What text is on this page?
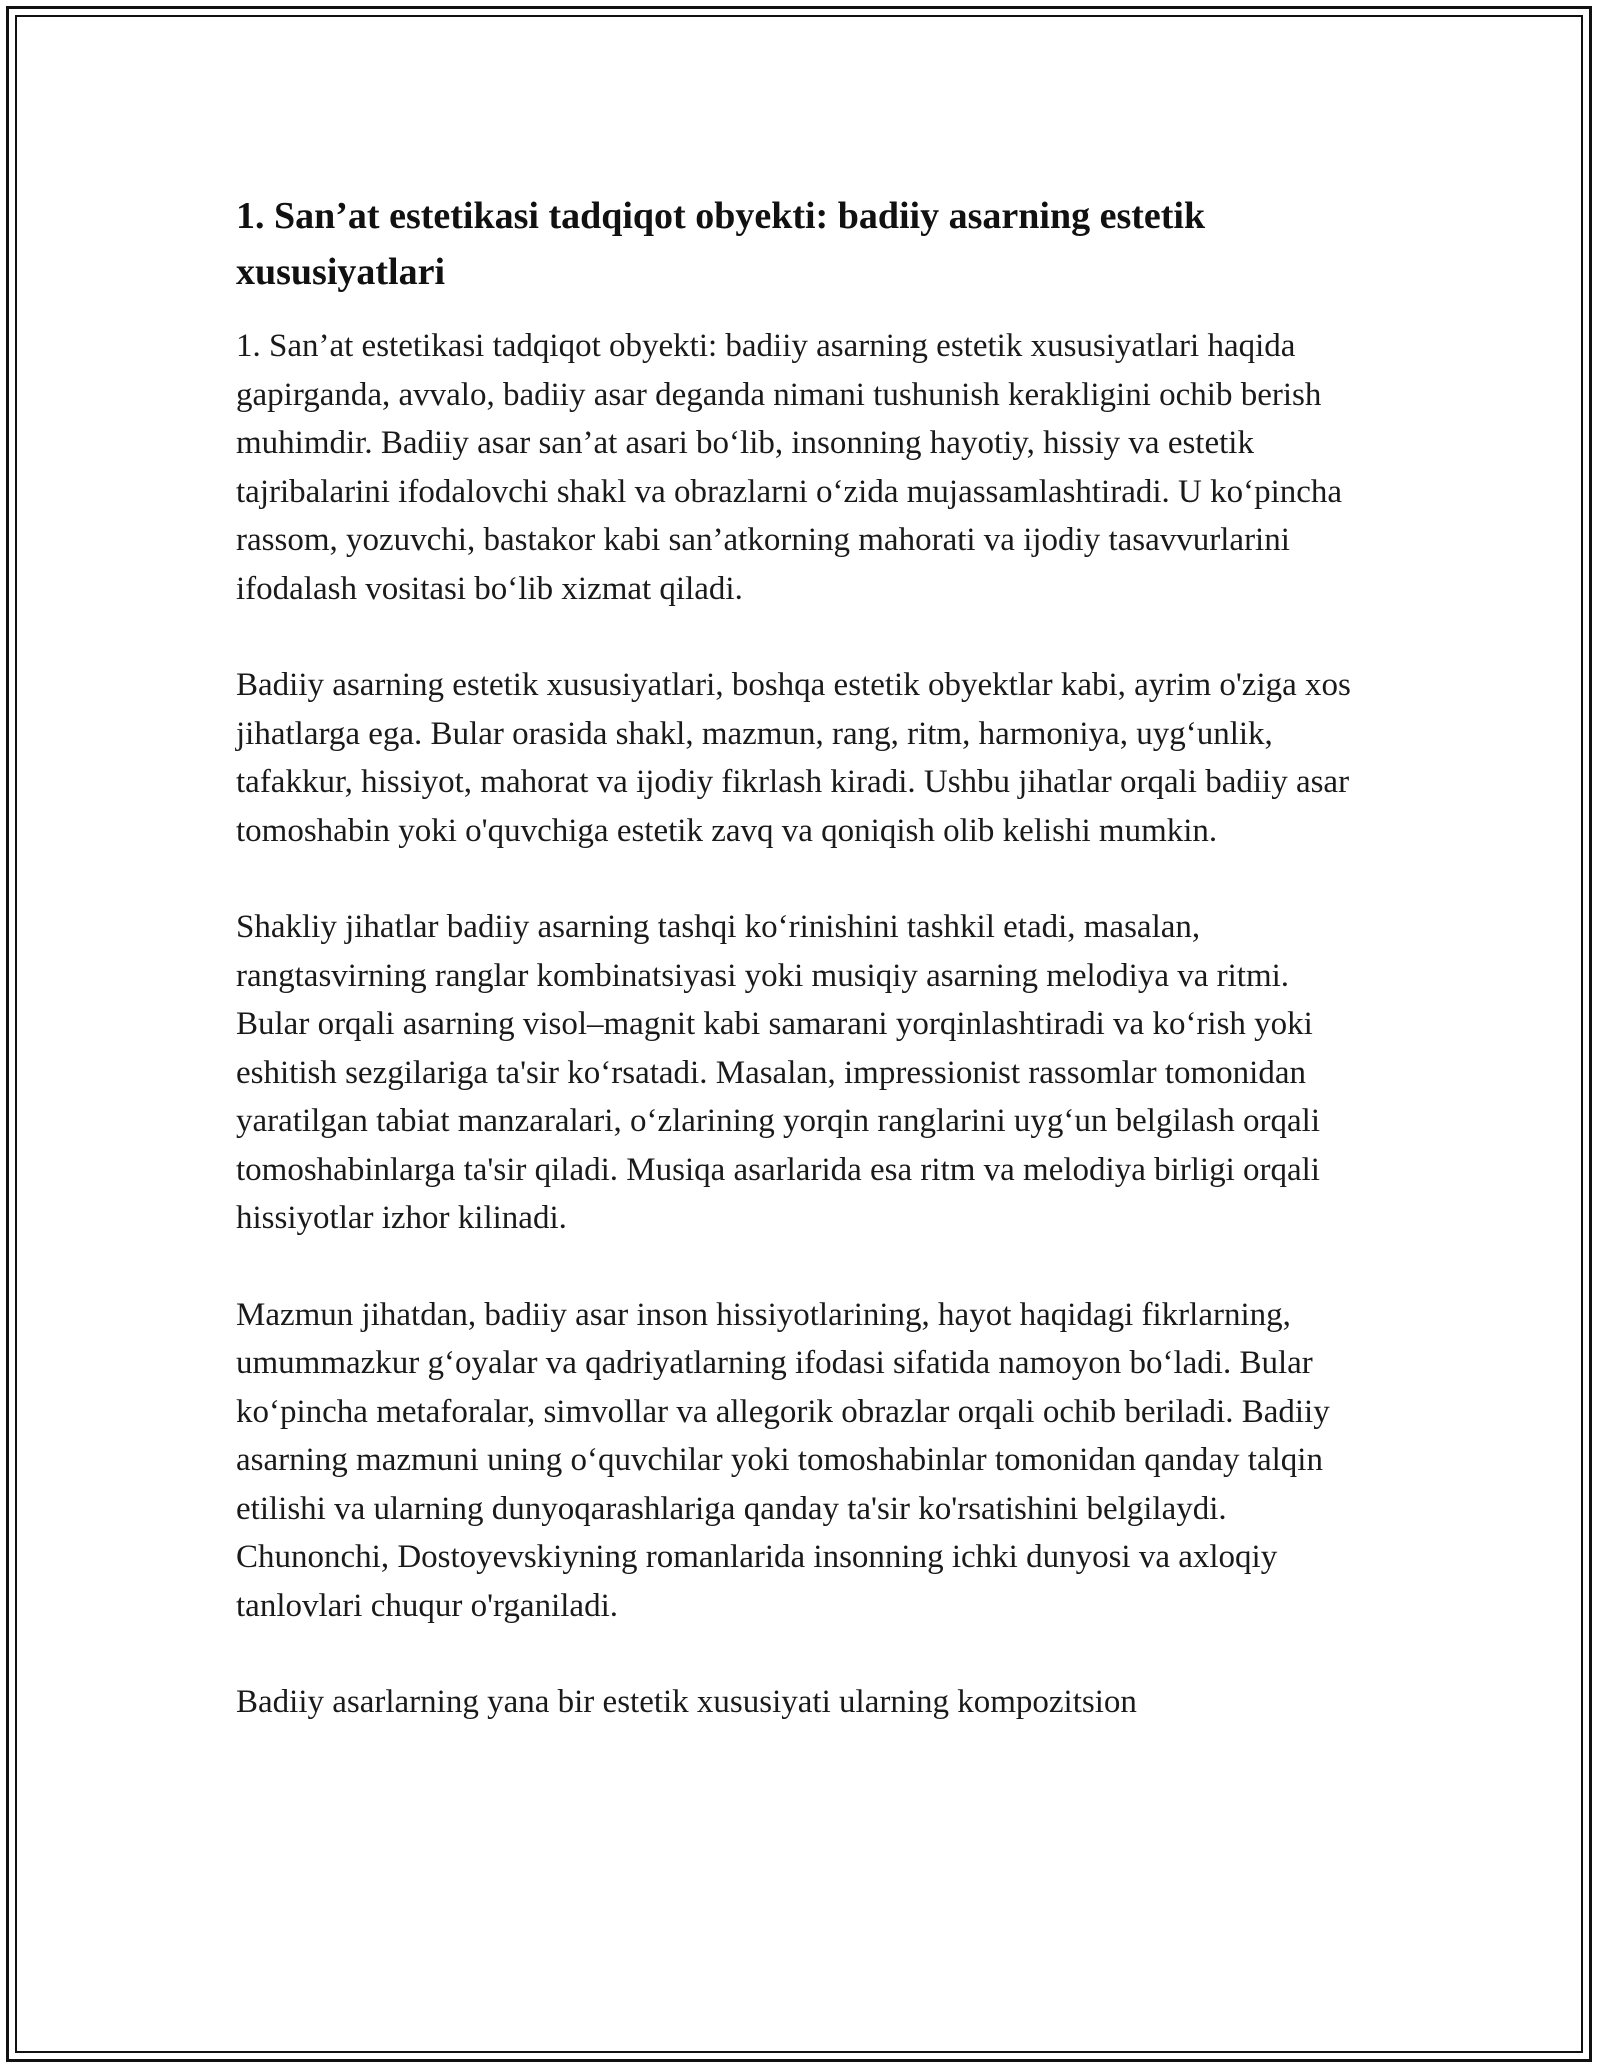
1. San’at estetikasi tadqiqot obyekti: badiiy asarning estetik xususiyatlari

1. San’at estetikasi tadqiqot obyekti: badiiy asarning estetik xususiyatlari haqida gapirganda, avvalo, badiiy asar deganda nimani tushunish kerakligini ochib berish muhimdir. Badiiy asar san’at asari bo‘lib, insonning hayotiy, hissiy va estetik tajribalarini ifodalovchi shakl va obrazlarni o‘zida mujassamlashtiradi. U ko‘pincha rassom, yozuvchi, bastakor kabi san’atkorning mahorati va ijodiy tasavvurlarini ifodalash vositasi bo‘lib xizmat qiladi.

Badiiy asarning estetik xususiyatlari, boshqa estetik obyektlar kabi, ayrim o'ziga xos jihatlarga ega. Bular orasida shakl, mazmun, rang, ritm, harmoniya, uyg‘unlik, tafakkur, hissiyot, mahorat va ijodiy fikrlash kiradi. Ushbu jihatlar orqali badiiy asar tomoshabin yoki o'quvchiga estetik zavq va qoniqish olib kelishi mumkin.

Shakliy jihatlar badiiy asarning tashqi ko‘rinishini tashkil etadi, masalan, rangtasvirning ranglar kombinatsiyasi yoki musiqiy asarning melodiya va ritmi. Bular orqali asarning visol–magnit kabi samarani yorqinlashtiradi va ko‘rish yoki eshitish sezgilariga ta'sir ko‘rsatadi. Masalan, impressionist rassomlar tomonidan yaratilgan tabiat manzaralari, o‘zlarining yorqin ranglarini uyg‘un belgilash orqali tomoshabinlarga ta'sir qiladi. Musiqa asarlarida esa ritm va melodiya birligi orqali hissiyotlar izhor kilinadi.

Mazmun jihatdan, badiiy asar inson hissiyotlarining, hayot haqidagi fikrlarning, umummazkur g‘oyalar va qadriyatlarning ifodasi sifatida namoyon bo‘ladi. Bular ko‘pincha metaforalar, simvollar va allegorik obrazlar orqali ochib beriladi. Badiiy asarning mazmuni uning o‘quvchilar yoki tomoshabinlar tomonidan qanday talqin etilishi va ularning dunyoqarashlariga qanday ta'sir ko'rsatishini belgilaydi. Chunonchi, Dostoyevskiyning romanlarida insonning ichki dunyosi va axloqiy tanlovlari chuqur o'rganiladi.

Badiiy asarlarning yana bir estetik xususiyati ularning kompozitsion
